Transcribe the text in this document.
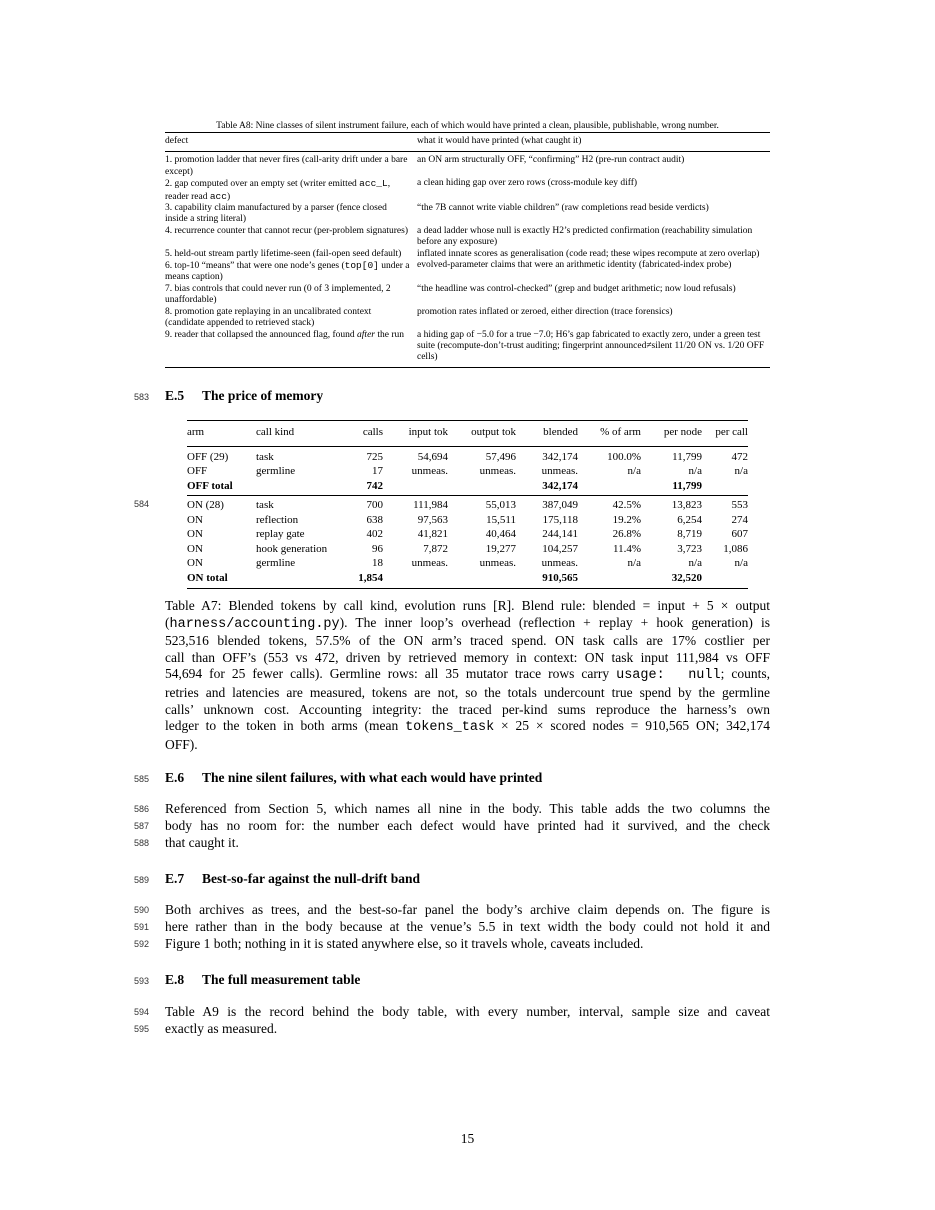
Table A8: Nine classes of silent instrument failure, each of which would have printed a clean, plausible, publishable, wrong number.
defect	what it would have printed (what caught it)
1. promotion ladder that never fires (call-arity drift under a bare except)	an ON arm structurally OFF, “confirming” H2 (pre-run contract audit)
2. gap computed over an empty set (writer emitted acc_L, reader read acc)	a clean hiding gap over zero rows (cross-module key diff)
3. capability claim manufactured by a parser (fence closed inside a string literal)	“the 7B cannot write viable children” (raw completions read beside verdicts)
4. recurrence counter that cannot recur (per-problem signatures)	a dead ladder whose null is exactly H2’s predicted confirmation (reachability simulation before any exposure)
5. held-out stream partly lifetime-seen (fail-open seed default)	inflated innate scores as generalisation (code read; these wipes recompute at zero overlap)
6. top-10 “means” that were one node’s genes (top[0] under a means caption)	evolved-parameter claims that were an arithmetic identity (fabricated-index probe)
7. bias controls that could never run (0 of 3 implemented, 2 unaffordable)	“the headline was control-checked” (grep and budget arithmetic; now loud refusals)
8. promotion gate replaying in an uncalibrated context (candidate appended to retrieved stack)	promotion rates inflated or zeroed, either direction (trace forensics)
9. reader that collapsed the announced flag, found after the run	a hiding gap of −5.0 for a true −7.0; H6’s gap fabricated to exactly zero, under a green test suite (recompute-don’t-trust auditing; fingerprint announced≠silent 11/20 ON vs. 1/20 OFF cells)
583 E.5 The price of memory
584
arm	call kind	calls	input tok	output tok	blended	% of arm	per node	per call
OFF (29)	task	725	54,694	57,496	342,174	100.0%	11,799	472
OFF	germline	17	unmeas.	unmeas.	unmeas.	n/a	n/a	n/a
OFF total		742			342,174		11,799	
ON (28)	task	700	111,984	55,013	387,049	42.5%	13,823	553
ON	reflection	638	97,563	15,511	175,118	19.2%	6,254	274
ON	replay gate	402	41,821	40,464	244,141	26.8%	8,719	607
ON	hook generation	96	7,872	19,277	104,257	11.4%	3,723	1,086
ON	germline	18	unmeas.	unmeas.	unmeas.	n/a	n/a	n/a
ON total		1,854			910,565		32,520	
Table A7: Blended tokens by call kind, evolution runs [R]. Blend rule: blended = input + 5 × output
(harness/accounting.py). The inner loop’s overhead (reflection + replay + hook generation) is
523,516 blended tokens, 57.5% of the ON arm’s traced spend. ON task calls are 17% costlier per
call than OFF’s (553 vs 472, driven by retrieved memory in context: ON task input 111,984 vs OFF
54,694 for 25 fewer calls). Germline rows: all 35 mutator trace rows carry usage:  null; counts,
retries and latencies are measured, tokens are not, so the totals undercount true spend by the germline
calls’ unknown cost. Accounting integrity: the traced per-kind sums reproduce the harness’s own
ledger to the token in both arms (mean tokens_task × 25 × scored nodes = 910,565 ON; 342,174
OFF).
585 E.6 The nine silent failures, with what each would have printed
586
587
588
Referenced from Section 5, which names all nine in the body. This table adds the two columns the
body has no room for: the number each defect would have printed had it survived, and the check
that caught it.
589 E.7 Best-so-far against the null-drift band
590
591
592
Both archives as trees, and the best-so-far panel the body’s archive claim depends on. The figure is
here rather than in the body because at the venue’s 5.5 in text width the body could not hold it and
Figure 1 both; nothing in it is stated anywhere else, so it travels whole, caveats included.
593 E.8 The full measurement table
594
595
Table A9 is the record behind the body table, with every number, interval, sample size and caveat
exactly as measured.
15
